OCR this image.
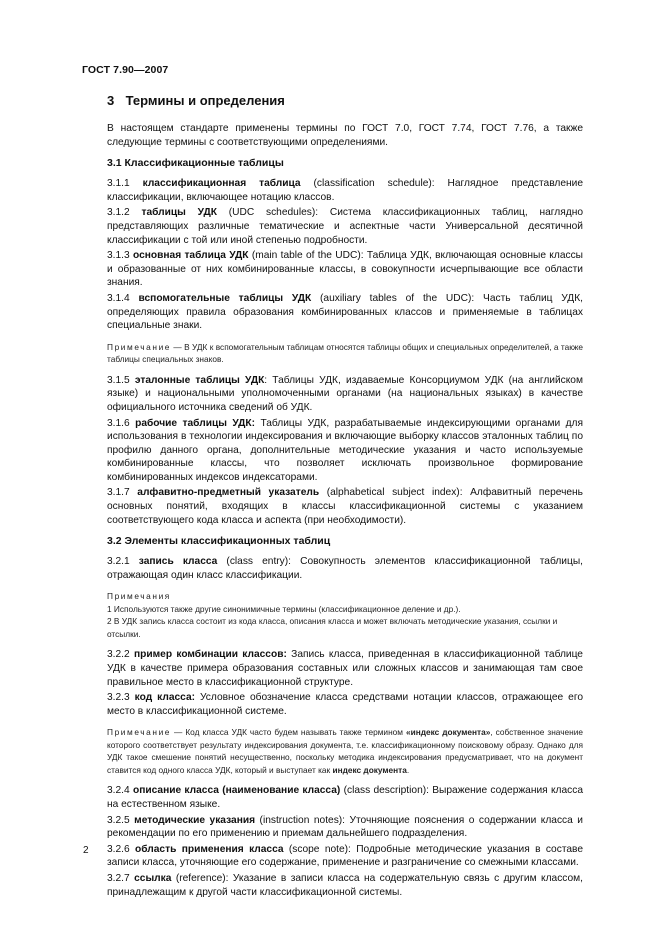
ГОСТ 7.90—2007
3 Термины и определения

В настоящем стандарте применены термины по ГОСТ 7.0, ГОСТ 7.74, ГОСТ 7.76, а также следующие термины с соответствующими определениями.

3.1 Классификационные таблицы

3.1.1 классификационная таблица (classification schedule): Наглядное представление классификации, включающее нотацию классов.

3.1.2 таблицы УДК (UDC schedules): Система классификационных таблиц, наглядно представляющих различные тематические и аспектные части Универсальной десятичной классификации с той или иной степенью подробности.

3.1.3 основная таблица УДК (main table of the UDC): Таблица УДК, включающая основные классы и образованные от них комбинированные классы, в совокупности исчерпывающие все области знания.

3.1.4 вспомогательные таблицы УДК (auxiliary tables of the UDC): Часть таблиц УДК, определяющих правила образования комбинированных классов и применяемые в таблицах специальные знаки.

Примечание — В УДК к вспомогательным таблицам относятся таблицы общих и специальных определителей, а также таблицы специальных знаков.

3.1.5 эталонные таблицы УДК: Таблицы УДК, издаваемые Консорциумом УДК (на английском языке) и национальными уполномоченными органами (на национальных языках) в качестве официального источника сведений об УДК.

3.1.6 рабочие таблицы УДК: Таблицы УДК, разрабатываемые индексирующими органами для использования в технологии индексирования и включающие выборку классов эталонных таблиц по профилю данного органа, дополнительные методические указания и часто используемые комбинированные классы, что позволяет исключать произвольное формирование комбинированных индексов индексаторами.

3.1.7 алфавитно-предметный указатель (alphabetical subject index): Алфавитный перечень основных понятий, входящих в классы классификационной системы с указанием соответствующего кода класса и аспекта (при необходимости).

3.2 Элементы классификационных таблиц

3.2.1 запись класса (class entry): Совокупность элементов классификационной таблицы, отражающая один класс классификации.

Примечания
1 Используются также другие синонимичные термины (классификационное деление и др.).
2 В УДК запись класса состоит из кода класса, описания класса и может включать методические указания, ссылки и отсылки.

3.2.2 пример комбинации классов: Запись класса, приведенная в классификационной таблице УДК в качестве примера образования составных или сложных классов и занимающая там свое правильное место в классификационной структуре.

3.2.3 код класса: Условное обозначение класса средствами нотации классов, отражающее его место в классификационной системе.

Примечание — Код класса УДК часто будем называть также термином «индекс документа», собственное значение которого соответствует результату индексирования документа, т.е. классификационному поисковому образу. Однако для УДК такое смешение понятий несущественно, поскольку методика индексирования предусматривает, что на документ ставится код одного класса УДК, который и выступает как индекс документа.

3.2.4 описание класса (наименование класса) (class description): Выражение содержания класса на естественном языке.

3.2.5 методические указания (instruction notes): Уточняющие пояснения о содержании класса и рекомендации по его применению и приемам дальнейшего подразделения.

3.2.6 область применения класса (scope note): Подробные методические указания в составе записи класса, уточняющие его содержание, применение и разграничение со смежными классами.

3.2.7 ссылка (reference): Указание в записи класса на содержательную связь с другим классом, принадлежащим к другой части классификационной системы.

2
